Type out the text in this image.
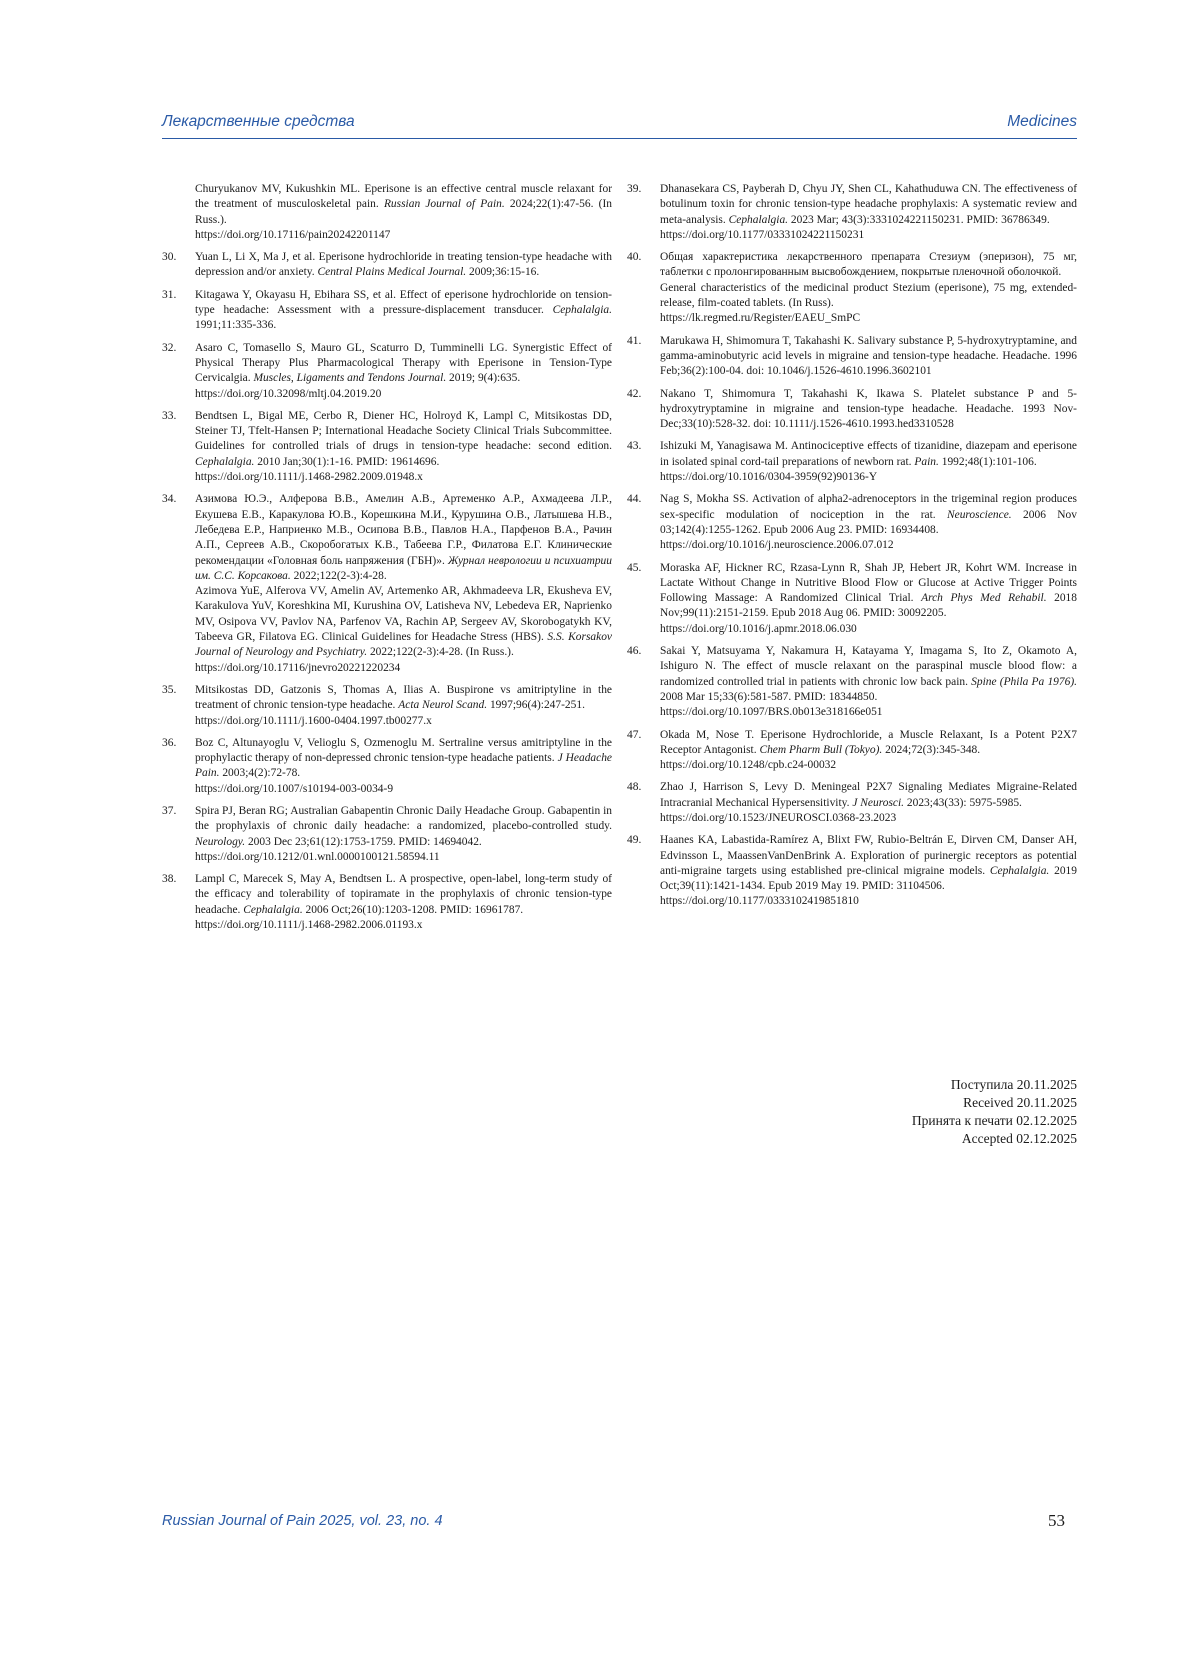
Лекарственные средства	Medicines
Churyukanov MV, Kukushkin ML. Eperisone is an effective central muscle relaxant for the treatment of musculoskeletal pain. Russian Journal of Pain. 2024;22(1):47-56. (In Russ.).
https://doi.org/10.17116/pain20242201147
30. Yuan L, Li X, Ma J, et al. Eperisone hydrochloride in treating tension-type headache with depression and/or anxiety. Central Plains Medical Journal. 2009;36:15-16.
31. Kitagawa Y, Okayasu H, Ebihara SS, et al. Effect of eperisone hydrochloride on tension-type headache: Assessment with a pressure-displacement transducer. Cephalalgia. 1991;11:335-336.
32. Asaro C, Tomasello S, Mauro GL, Scaturro D, Tumminelli LG. Synergistic Effect of Physical Therapy Plus Pharmacological Therapy with Eperisone in Tension-Type Cervicalgia. Muscles, Ligaments and Tendons Journal. 2019; 9(4):635.
https://doi.org/10.32098/mltj.04.2019.20
33. Bendtsen L, Bigal ME, Cerbo R, Diener HC, Holroyd K, Lampl C, Mitsikostas DD, Steiner TJ, Tfelt-Hansen P; International Headache Society Clinical Trials Subcommittee. Guidelines for controlled trials of drugs in tension-type headache: second edition. Cephalalgia. 2010 Jan;30(1):1-16. PMID: 19614696.
https://doi.org/10.1111/j.1468-2982.2009.01948.x
34. Азимова Ю.Э., Алферова В.В., Амелин А.В., Артеменко А.Р., Ахмадеева Л.Р., Екушева Е.В., Каракулова Ю.В., Корешкина М.И., Курушина О.В., Латышева Н.В., Лебедева Е.Р., Наприенко М.В., Осипова В.В., Павлов Н.А., Парфенов В.А., Рачин А.П., Сергеев А.В., Скоробогатых К.В., Табеева Г.Р., Филатова Е.Г. Клинические рекомендации «Головная боль напряжения (ГБН)». Журнал неврологии и психиатрии им. С.С. Корсакова. 2022;122(2-3):4-28.
Azimova YuE, Alferova VV, Amelin AV, Artemenko AR, Akhmadeeva LR, Ekusheva EV, Karakulova YuV, Koreshkina MI, Kurushina OV, Latisheva NV, Lebedeva ER, Naprienko MV, Osipova VV, Pavlov NA, Parfenov VA, Rachin AP, Sergeev AV, Skorobogatykh KV, Tabeeva GR, Filatova EG. Clinical Guidelines for Headache Stress (HBS). S.S. Korsakov Journal of Neurology and Psychiatry. 2022;122(2-3):4-28. (In Russ.).
https://doi.org/10.17116/jnevro20221220234
35. Mitsikostas DD, Gatzonis S, Thomas A, Ilias A. Buspirone vs amitriptyline in the treatment of chronic tension-type headache. Acta Neurol Scand. 1997;96(4):247-251.
https://doi.org/10.1111/j.1600-0404.1997.tb00277.x
36. Boz C, Altunayoglu V, Velioglu S, Ozmenoglu M. Sertraline versus amitriptyline in the prophylactic therapy of non-depressed chronic tension-type headache patients. J Headache Pain. 2003;4(2):72-78.
https://doi.org/10.1007/s10194-003-0034-9
37. Spira PJ, Beran RG; Australian Gabapentin Chronic Daily Headache Group. Gabapentin in the prophylaxis of chronic daily headache: a randomized, placebo-controlled study. Neurology. 2003 Dec 23;61(12):1753-1759. PMID: 14694042.
https://doi.org/10.1212/01.wnl.0000100121.58594.11
38. Lampl C, Marecek S, May A, Bendtsen L. A prospective, open-label, long-term study of the efficacy and tolerability of topiramate in the prophylaxis of chronic tension-type headache. Cephalalgia. 2006 Oct;26(10):1203-1208. PMID: 16961787.
https://doi.org/10.1111/j.1468-2982.2006.01193.x
39. Dhanasekara CS, Payberah D, Chyu JY, Shen CL, Kahathuduwa CN. The effectiveness of botulinum toxin for chronic tension-type headache prophylaxis: A systematic review and meta-analysis. Cephalalgia. 2023 Mar; 43(3):3331024221150231. PMID: 36786349.
https://doi.org/10.1177/03331024221150231
40. Общая характеристика лекарственного препарата Стезиум (эперизон), 75 мг, таблетки с пролонгированным высвобождением, покрытые пленочной оболочкой.
General characteristics of the medicinal product Stezium (eperisone), 75 mg, extended-release, film-coated tablets. (In Russ).
https://lk.regmed.ru/Register/EAEU_SmPC
41. Marukawa H, Shimomura T, Takahashi K. Salivary substance P, 5-hydroxytryptamine, and gamma-aminobutyric acid levels in migraine and tension-type headache. Headache. 1996 Feb;36(2):100-04. doi: 10.1046/j.1526-4610.1996.3602101
42. Nakano T, Shimomura T, Takahashi K, Ikawa S. Platelet substance P and 5-hydroxytryptamine in migraine and tension-type headache. Headache. 1993 Nov-Dec;33(10):528-32. doi: 10.1111/j.1526-4610.1993.hed3310528
43. Ishizuki M, Yanagisawa M. Antinociceptive effects of tizanidine, diazepam and eperisone in isolated spinal cord-tail preparations of newborn rat. Pain. 1992;48(1):101-106.
https://doi.org/10.1016/0304-3959(92)90136-Y
44. Nag S, Mokha SS. Activation of alpha2-adrenoceptors in the trigeminal region produces sex-specific modulation of nociception in the rat. Neuroscience. 2006 Nov 03;142(4):1255-1262. Epub 2006 Aug 23. PMID: 16934408.
https://doi.org/10.1016/j.neuroscience.2006.07.012
45. Moraska AF, Hickner RC, Rzasa-Lynn R, Shah JP, Hebert JR, Kohrt WM. Increase in Lactate Without Change in Nutritive Blood Flow or Glucose at Active Trigger Points Following Massage: A Randomized Clinical Trial. Arch Phys Med Rehabil. 2018 Nov;99(11):2151-2159. Epub 2018 Aug 06. PMID: 30092205.
https://doi.org/10.1016/j.apmr.2018.06.030
46. Sakai Y, Matsuyama Y, Nakamura H, Katayama Y, Imagama S, Ito Z, Okamoto A, Ishiguro N. The effect of muscle relaxant on the paraspinal muscle blood flow: a randomized controlled trial in patients with chronic low back pain. Spine (Phila Pa 1976). 2008 Mar 15;33(6):581-587. PMID: 18344850.
https://doi.org/10.1097/BRS.0b013e318166e051
47. Okada M, Nose T. Eperisone Hydrochloride, a Muscle Relaxant, Is a Potent P2X7 Receptor Antagonist. Chem Pharm Bull (Tokyo). 2024;72(3):345-348.
https://doi.org/10.1248/cpb.c24-00032
48. Zhao J, Harrison S, Levy D. Meningeal P2X7 Signaling Mediates Migraine-Related Intracranial Mechanical Hypersensitivity. J Neurosci. 2023;43(33): 5975-5985.
https://doi.org/10.1523/JNEUROSCI.0368-23.2023
49. Haanes KA, Labastida-Ramírez A, Blixt FW, Rubio-Beltrán E, Dirven CM, Danser AH, Edvinsson L, MaassenVanDenBrink A. Exploration of purinergic receptors as potential anti-migraine targets using established pre-clinical migraine models. Cephalalgia. 2019 Oct;39(11):1421-1434. Epub 2019 May 19. PMID: 31104506.
https://doi.org/10.1177/0333102419851810
Поступила 20.11.2025
Received 20.11.2025
Принята к печати 02.12.2025
Accepted 02.12.2025
Russian Journal of Pain 2025, vol. 23, no. 4	53
